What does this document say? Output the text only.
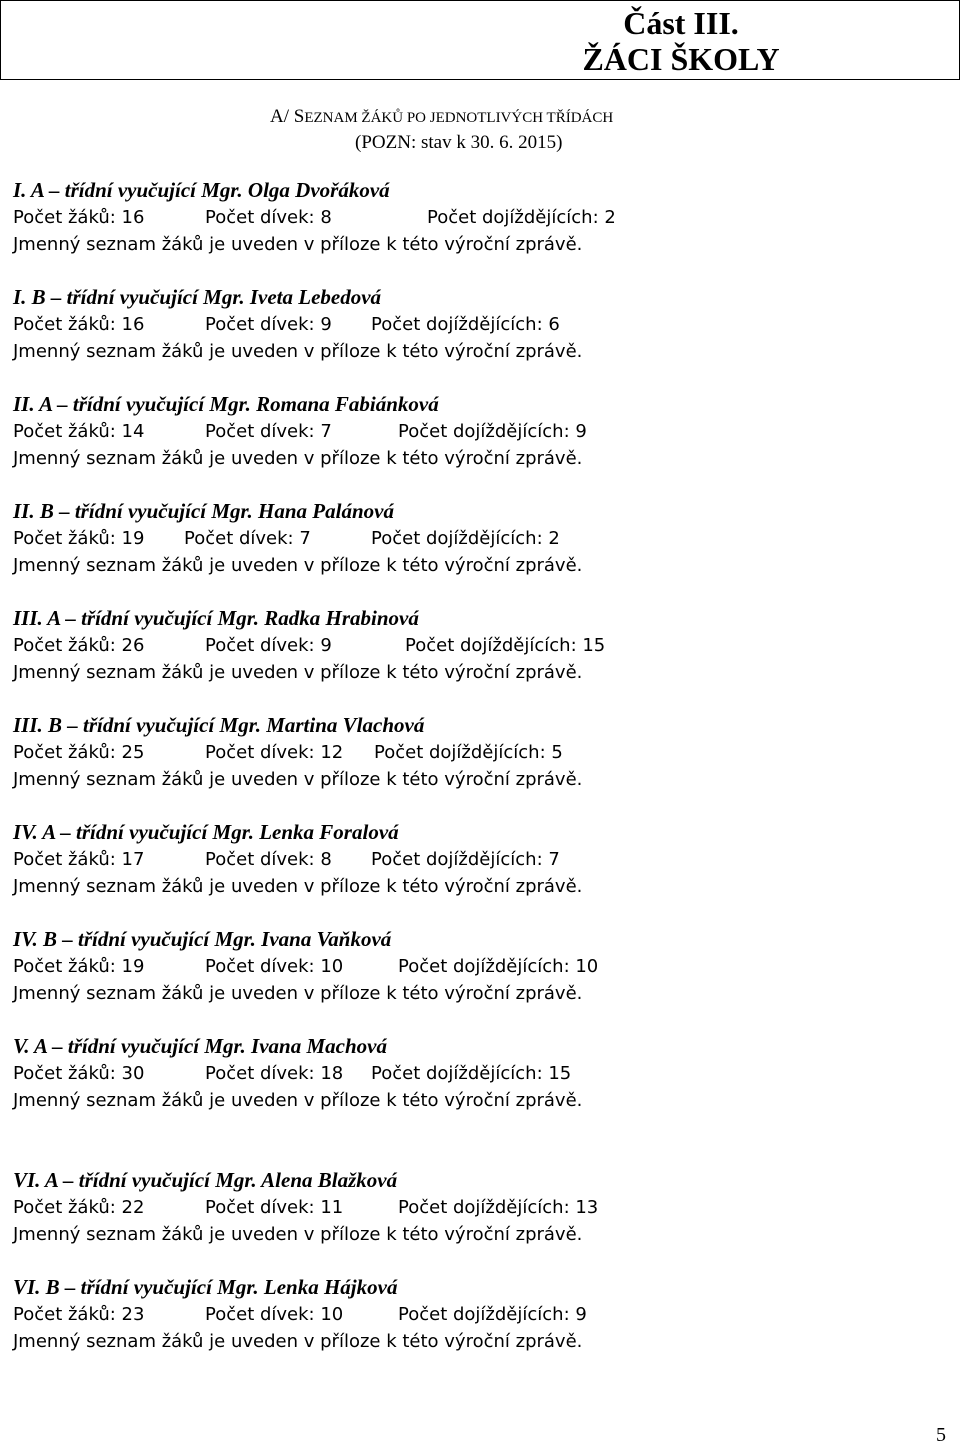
Část III.
ŽÁCI ŠKOLY
A/ SEZNAM ŽÁKŮ PO JEDNOTLIVÝCH TŘÍDÁCH
(POZN: stav k 30. 6. 2015)
I. A – třídní vyučující Mgr. Olga Dvořáková
Počet žáků: 16	Počet dívek: 8	Počet dojíždějících: 2
Jmenný seznam žáků je uveden v příloze k této výroční zprávě.
I. B – třídní vyučující Mgr. Iveta Lebedová
Počet žáků: 16	Počet dívek: 9 Počet dojíždějících: 6
Jmenný seznam žáků je uveden v příloze k této výroční zprávě.
II. A – třídní vyučující Mgr. Romana Fabiánková
Počet žáků: 14	Počet dívek: 7	Počet dojíždějících: 9
Jmenný seznam žáků je uveden v příloze k této výroční zprávě.
II. B – třídní vyučující Mgr. Hana Palánová
Počet žáků: 19 Počet dívek: 7	Počet dojíždějících: 2
Jmenný seznam žáků je uveden v příloze k této výroční zprávě.
III. A – třídní vyučující Mgr. Radka Hrabinová
Počet žáků: 26	Počet dívek: 9	Počet dojíždějících: 15
Jmenný seznam žáků je uveden v příloze k této výroční zprávě.
III. B – třídní vyučující Mgr. Martina Vlachová
Počet žáků: 25	Počet dívek: 12 Počet dojíždějících: 5
Jmenný seznam žáků je uveden v příloze k této výroční zprávě.
IV. A – třídní vyučující Mgr. Lenka Foralová
Počet žáků: 17	Počet dívek: 8 Počet dojíždějících: 7
Jmenný seznam žáků je uveden v příloze k této výroční zprávě.
IV. B – třídní vyučující Mgr. Ivana Vaňková
Počet žáků: 19	Počet dívek: 10	Počet dojíždějících: 10
Jmenný seznam žáků je uveden v příloze k této výroční zprávě.
V. A – třídní vyučující Mgr. Ivana Machová
Počet žáků: 30	Počet dívek: 18 Počet dojíždějících: 15
Jmenný seznam žáků je uveden v příloze k této výroční zprávě.
VI. A – třídní vyučující Mgr. Alena Blažková
Počet žáků: 22	Počet dívek: 11	Počet dojíždějících: 13
Jmenný seznam žáků je uveden v příloze k této výroční zprávě.
VI. B – třídní vyučující Mgr. Lenka Hájková
Počet žáků: 23	Počet dívek: 10	Počet dojíždějících: 9
Jmenný seznam žáků je uveden v příloze k této výroční zprávě.
5
